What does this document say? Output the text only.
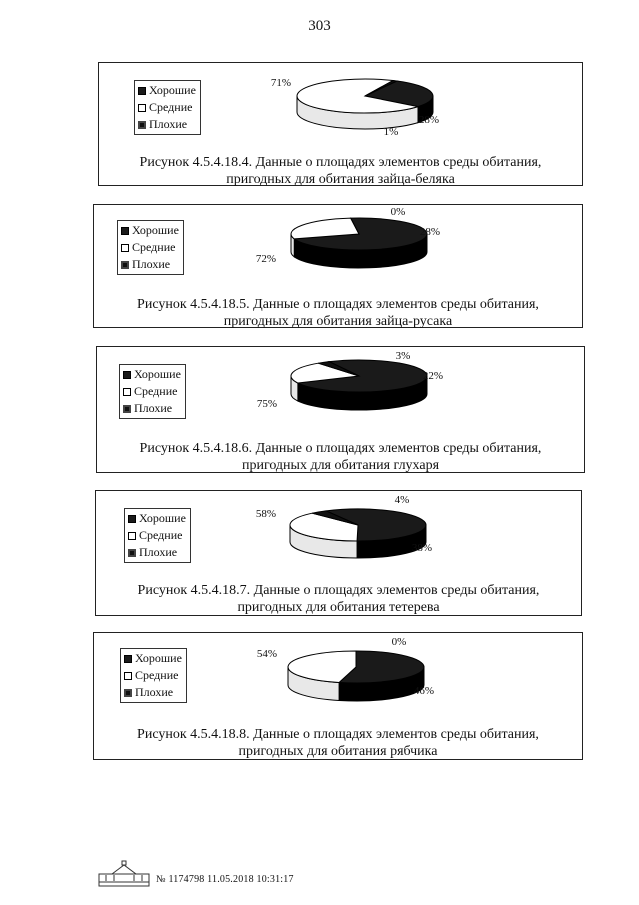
303
Хорошие
Средние
Плохие	28%
71%
1%
Рисунок 4.5.4.18.4. Данные о площадях элементов среды обитания,
пригодных для обитания зайца-беляка
Хорошие
Средние
Плохие	72%
28%
0%
Рисунок 4.5.4.18.5. Данные о площадях элементов среды обитания,
пригодных для обитания зайца-русака
Хорошие
Средние
Плохие	75%
22%
3%
Рисунок 4.5.4.18.6. Данные о площадях элементов среды обитания,
пригодных для обитания глухаря
Хорошие
Средние
Плохие
58%
38%
4%
Рисунок 4.5.4.18.7. Данные о площадях элементов среды обитания,
пригодных для обитания тетерева
Хорошие
Средние
Плохие
54%
46%
0%
Рисунок 4.5.4.18.8. Данные о площадях элементов среды обитания,
пригодных для обитания рябчика
№ 1174798 11.05.2018 10:31:17
